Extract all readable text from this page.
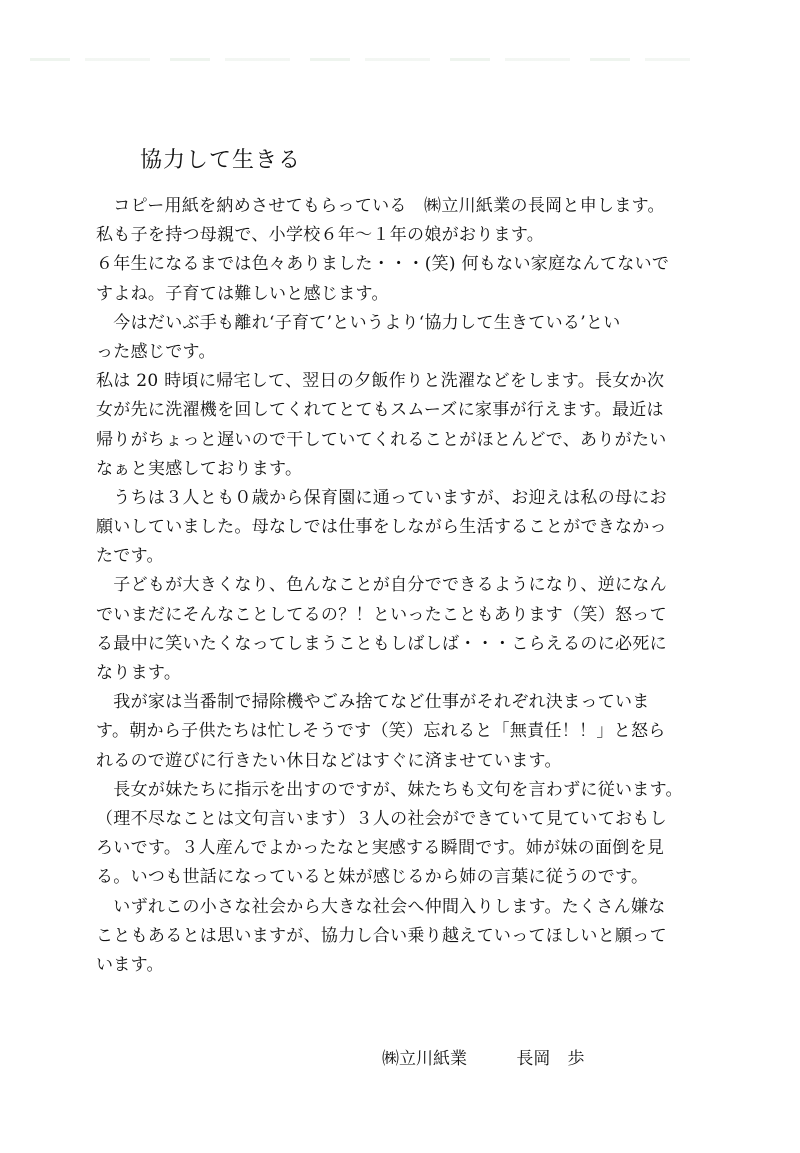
協力して生きる
　コピー用紙を納めさせてもらっている　㈱立川紙業の長岡と申します。
私も子を持つ母親で、小学校６年〜１年の娘がおります。
６年生になるまでは色々ありました・・・(笑) 何もない家庭なんてないで
すよね。子育ては難しいと感じます。
　今はだいぶ手も離れ‘子育て’というより‘協力して生きている’とい
った感じです。
私は 20 時頃に帰宅して、翌日の夕飯作りと洗濯などをします。長女か次
女が先に洗濯機を回してくれてとてもスムーズに家事が行えます。最近は
帰りがちょっと遅いので干していてくれることがほとんどで、ありがたい
なぁと実感しております。
　うちは３人とも０歳から保育園に通っていますが、お迎えは私の母にお
願いしていました。母なしでは仕事をしながら生活することができなかっ
たです。
　子どもが大きくなり、色んなことが自分でできるようになり、逆になん
でいまだにそんなことしてるの？！といったこともあります（笑）怒って
る最中に笑いたくなってしまうこともしばしば・・・こらえるのに必死に
なります。
　我が家は当番制で掃除機やごみ捨てなど仕事がそれぞれ決まっていま
す。朝から子供たちは忙しそうです（笑）忘れると「無責任！！」と怒ら
れるので遊びに行きたい休日などはすぐに済ませています。
　長女が妹たちに指示を出すのですが、妹たちも文句を言わずに従います。
（理不尽なことは文句言います）３人の社会ができていて見ていておもし
ろいです。３人産んでよかったなと実感する瞬間です。姉が妹の面倒を見
る。いつも世話になっていると妹が感じるから姉の言葉に従うのです。
　いずれこの小さな社会から大きな社会へ仲間入りします。たくさん嫌な
こともあるとは思いますが、協力し合い乗り越えていってほしいと願って
います。
㈱立川紙業	長岡　歩
